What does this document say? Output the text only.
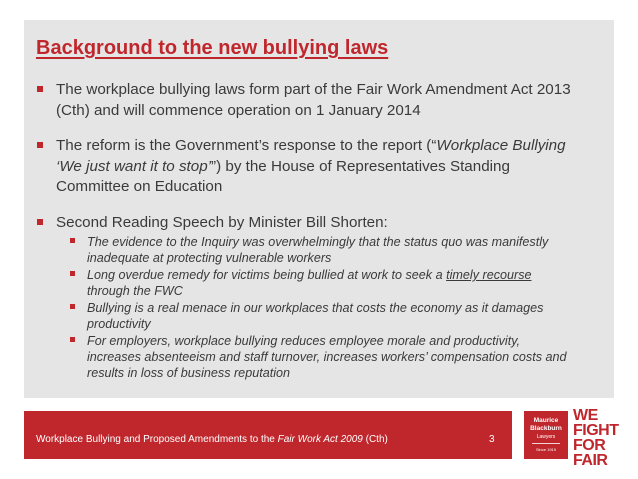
Background to the new bullying laws
The workplace bullying laws form part of the Fair Work Amendment Act 2013 (Cth) and will commence operation on 1 January 2014
The reform is the Government’s response to the report (“Workplace Bullying ‘We just want it to stop’”) by the House of Representatives Standing Committee on Education
Second Reading Speech by Minister Bill Shorten:
The evidence to the Inquiry was overwhelmingly that the status quo was manifestly inadequate at protecting vulnerable workers
Long overdue remedy for victims being bullied at work to seek a timely recourse through the FWC
Bullying is a real menace in our workplaces that costs the economy as it damages productivity
For employers, workplace bullying reduces employee morale and productivity, increases absenteeism and staff turnover, increases workers’ compensation costs and results in loss of business reputation
Workplace Bullying and Proposed Amendments to the Fair Work Act 2009 (Cth)	3
Maurice
Blackburn
Lawyers
Since 1919
WE
FIGHT
FOR
FAIR
